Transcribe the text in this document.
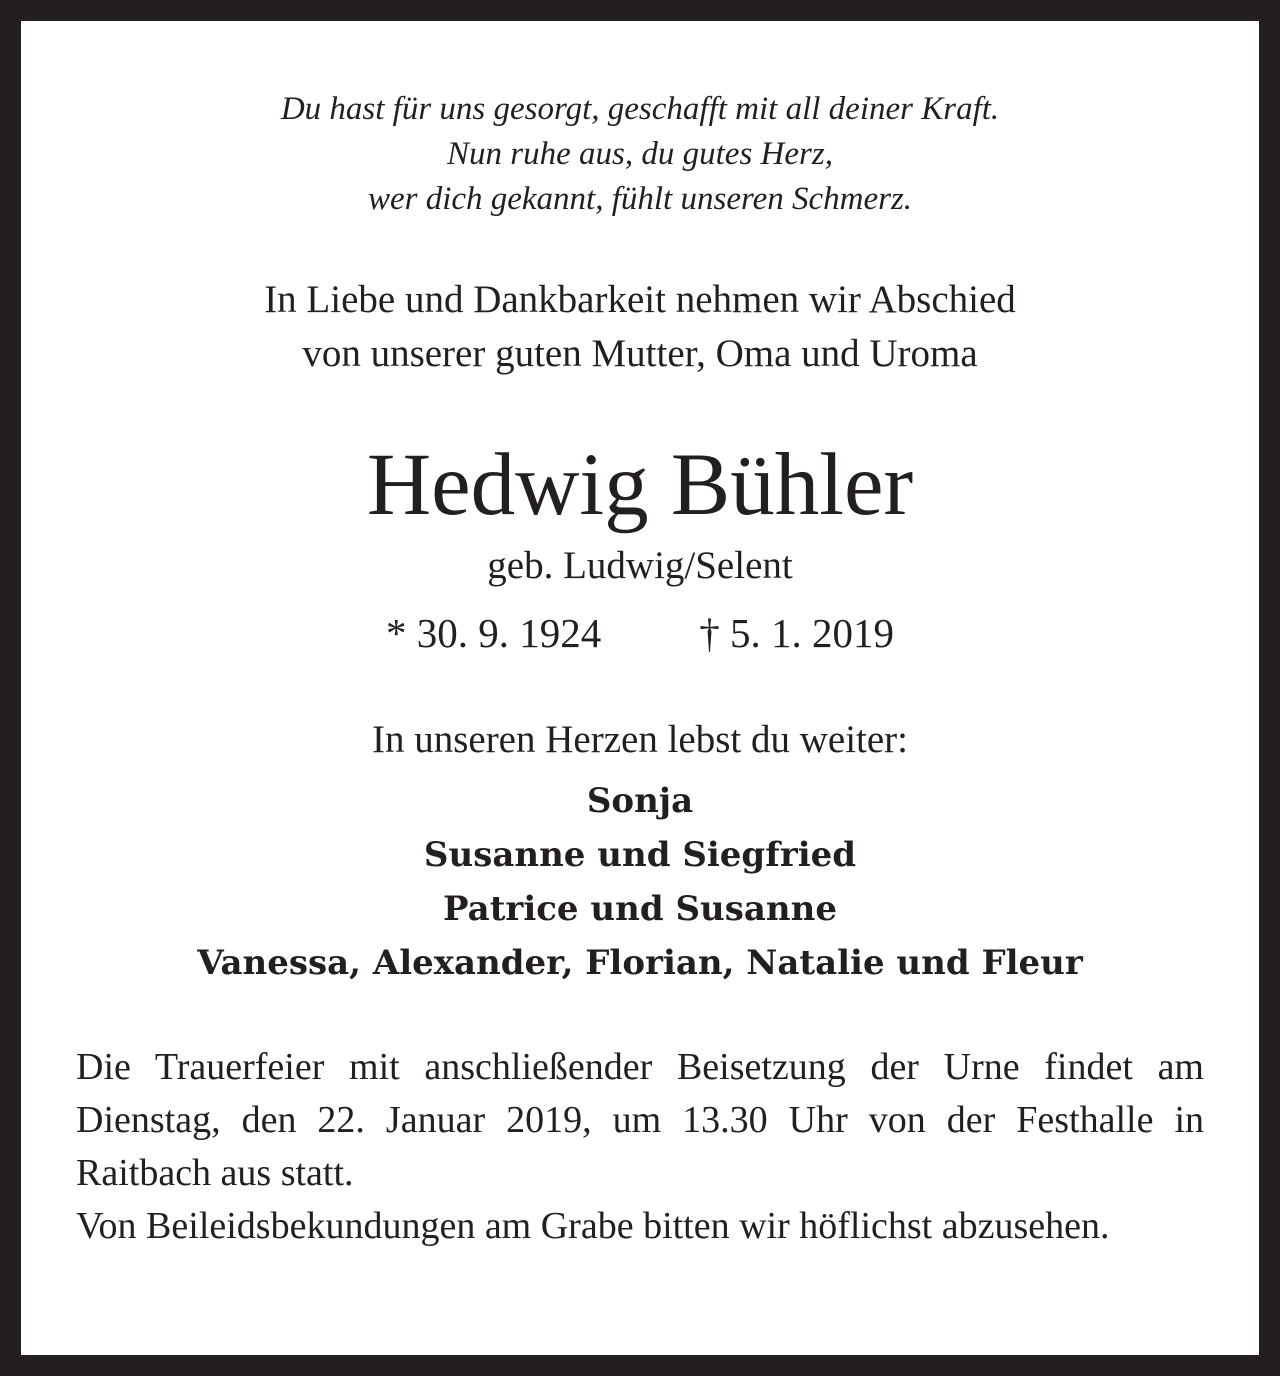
Du hast für uns gesorgt, geschafft mit all deiner Kraft.
Nun ruhe aus, du gutes Herz,
wer dich gekannt, fühlt unseren Schmerz.
In Liebe und Dankbarkeit nehmen wir Abschied
von unserer guten Mutter, Oma und Uroma
Hedwig Bühler
geb. Ludwig/Selent
* 30. 9. 1924 † 5. 1. 2019
In unseren Herzen lebst du weiter:
Sonja
Susanne und Siegfried
Patrice und Susanne
Vanessa, Alexander, Florian, Natalie und Fleur

Die Trauerfeier mit anschließender Beisetzung der Urne findet am Dienstag, den 22. Januar 2019, um 13.30 Uhr von der Festhalle in Raitbach aus statt.

Von Beileidsbekundungen am Grabe bitten wir höflichst abzusehen.
